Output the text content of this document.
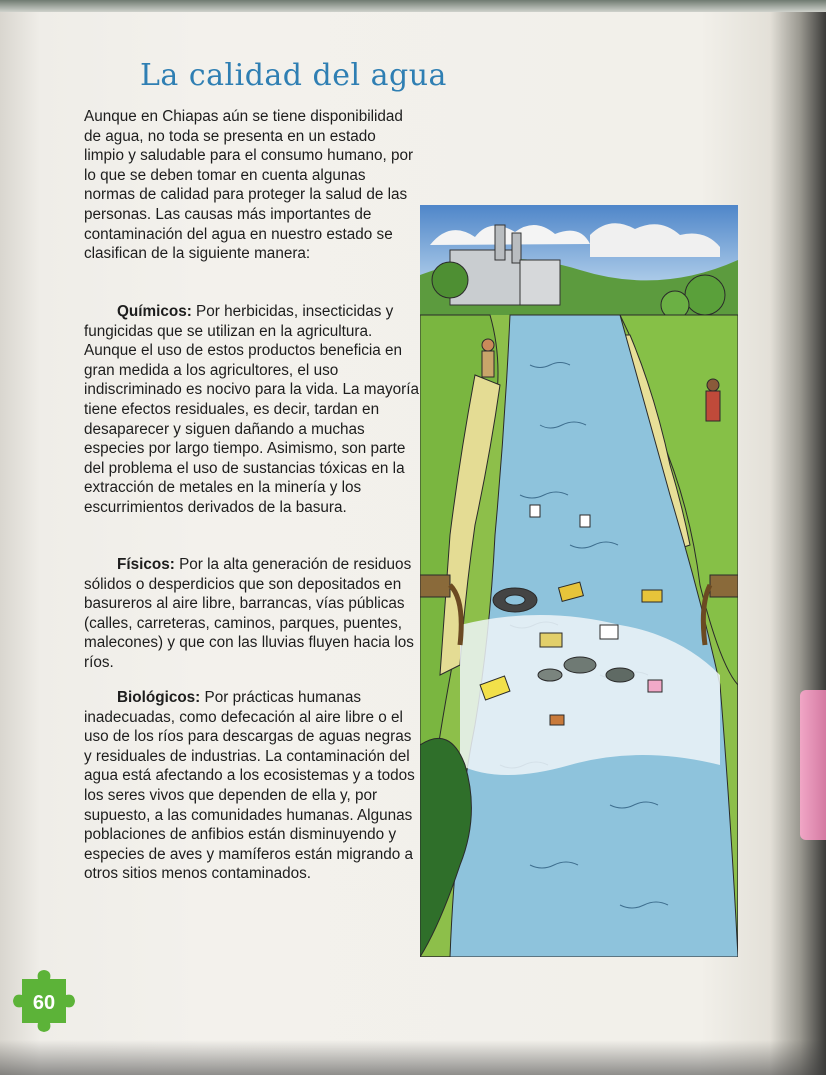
La calidad del agua

Aunque en Chiapas aún se tiene disponibilidad de agua, no toda se presenta en un estado limpio y saludable para el consumo humano, por lo que se deben tomar en cuenta algunas normas de calidad para proteger la salud de las personas. Las causas más importantes de contaminación del agua en nuestro estado se clasifican de la siguiente manera:

Químicos: Por herbicidas, insecticidas y fungicidas que se utilizan en la agricultura. Aunque el uso de estos productos beneficia en gran medida a los agricultores, el uso indiscriminado es nocivo para la vida. La mayoría tiene efectos residuales, es decir, tardan en desaparecer y siguen dañando a muchas especies por largo tiempo. Asimismo, son parte del problema el uso de sustancias tóxicas en la extracción de metales en la minería y los escurrimientos derivados de la basura.

Físicos: Por la alta generación de residuos sólidos o desperdicios que son depositados en basureros al aire libre, barrancas, vías públicas (calles, carreteras, caminos, parques, puentes, malecones) y que con las lluvias fluyen hacia los ríos.

Biológicos: Por prácticas humanas inadecuadas, como defecación al aire libre o el uso de los ríos para descargas de aguas negras y residuales de industrias. La contaminación del agua está afectando a los ecosistemas y a todos los seres vivos que dependen de ella y, por supuesto, a las comunidades humanas. Algunas poblaciones de anfibios están disminuyendo y especies de aves y mamíferos están migrando a otros sitios menos contaminados.

60
